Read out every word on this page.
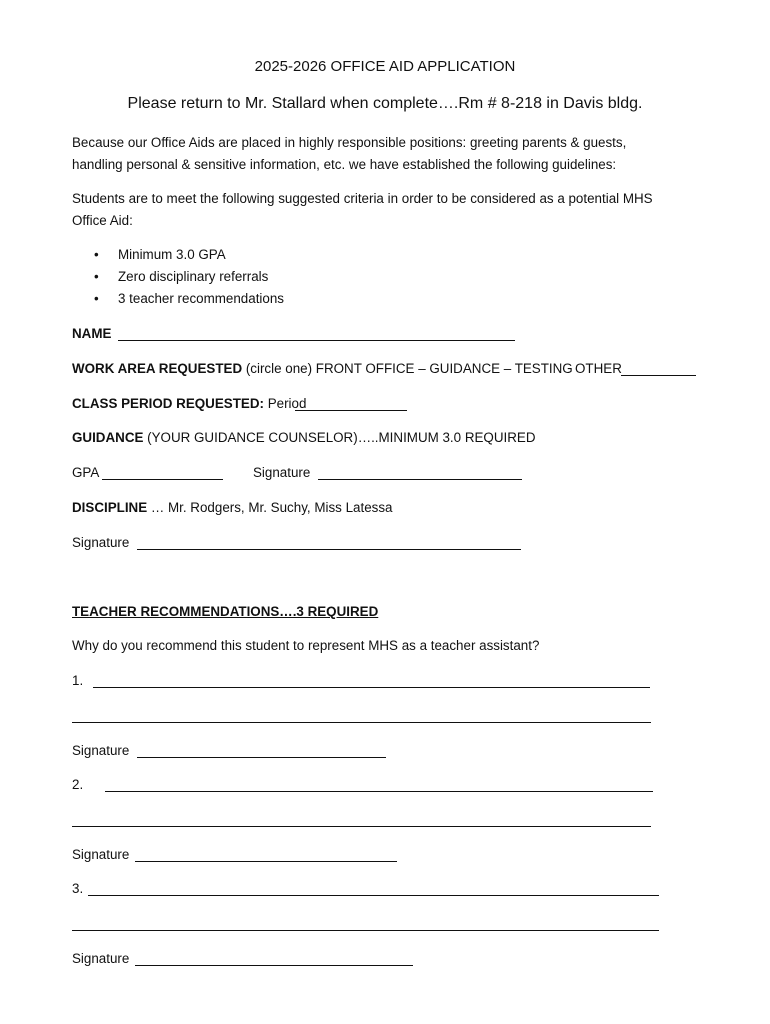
2025-2026 OFFICE AID APPLICATION
Please return to Mr. Stallard when complete….Rm # 8-218 in Davis bldg.
Because our Office Aids are placed in highly responsible positions: greeting parents & guests,
handling personal & sensitive information, etc. we have established the following guidelines:
Students are to meet the following suggested criteria in order to be considered as a potential MHS
Office Aid:
• Minimum 3.0 GPA
• Zero disciplinary referrals
• 3 teacher recommendations
NAME
WORK AREA REQUESTED (circle one) FRONT OFFICE – GUIDANCE – TESTING OTHER
CLASS PERIOD REQUESTED: Period
GUIDANCE (YOUR GUIDANCE COUNSELOR)…..MINIMUM 3.0 REQUIRED
GPA	Signature
DISCIPLINE … Mr. Rodgers, Mr. Suchy, Miss Latessa
Signature
TEACHER RECOMMENDATIONS….3 REQUIRED
Why do you recommend this student to represent MHS as a teacher assistant?
1.
Signature
2.
Signature
3.
Signature
